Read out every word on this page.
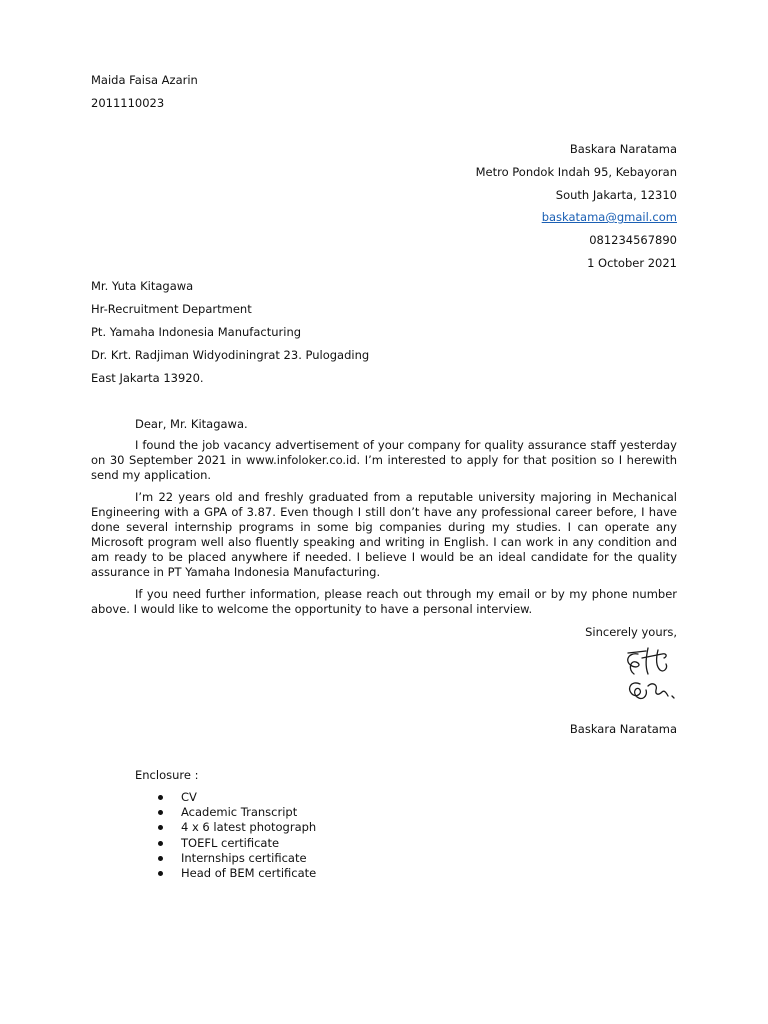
Maida Faisa Azarin
2011110023
Baskara Naratama
Metro Pondok Indah 95, Kebayoran
South Jakarta, 12310
baskatama@gmail.com
081234567890
1 October 2021
Mr. Yuta Kitagawa
Hr-Recruitment Department
Pt. Yamaha Indonesia Manufacturing
Dr. Krt. Radjiman Widyodiningrat 23. Pulogading
East Jakarta 13920.
Dear, Mr. Kitagawa.
I found the job vacancy advertisement of your company for quality assurance staff yesterday on 30 September 2021 in www.infoloker.co.id. I’m interested to apply for that position so I herewith send my application.
I’m 22 years old and freshly graduated from a reputable university majoring in Mechanical Engineering with a GPA of 3.87. Even though I still don’t have any professional career before, I have done several internship programs in some big companies during my studies. I can operate any Microsoft program well also fluently speaking and writing in English. I can work in any condition and am ready to be placed anywhere if needed. I believe I would be an ideal candidate for the quality assurance in PT Yamaha Indonesia Manufacturing.
If you need further information, please reach out through my email or by my phone number above. I would like to welcome the opportunity to have a personal interview.
Sincerely yours,
Baskara Naratama
Enclosure :
CV
Academic Transcript
4 x 6 latest photograph
TOEFL certificate
Internships certificate
Head of BEM certificate
